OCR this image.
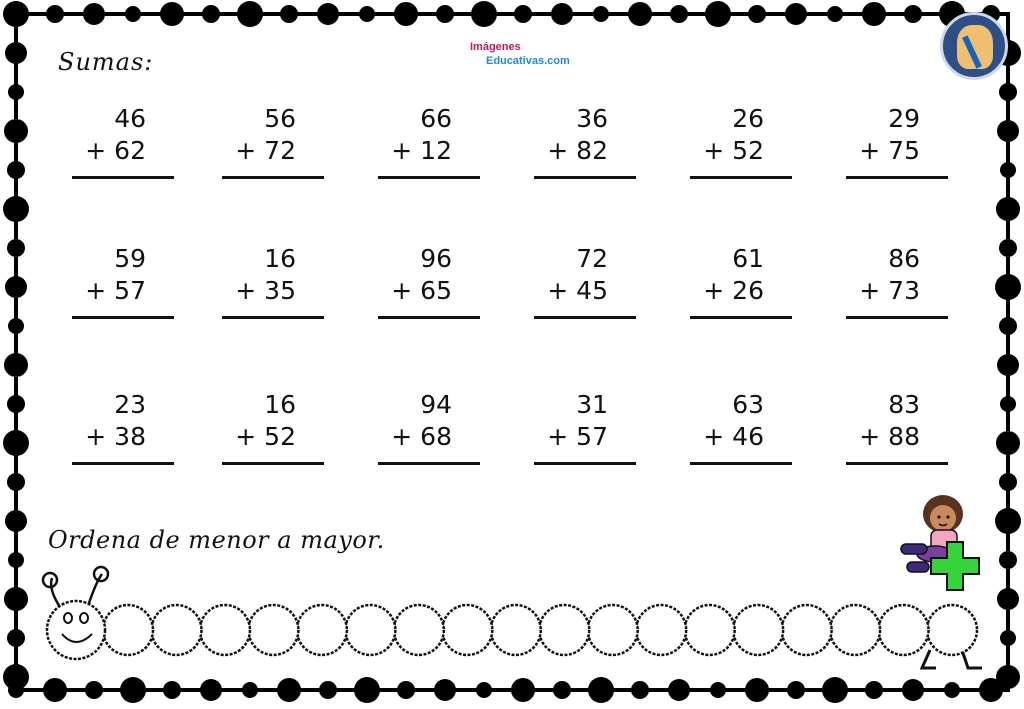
Sumas:
Imágenes
Educativas.com
46
+ 62
56
+ 72
66
+ 12
36
+ 82
26
+ 52
29
+ 75
59
+ 57
16
+ 35
96
+ 65
72
+ 45
61
+ 26
86
+ 73
23
+ 38
16
+ 52
94
+ 68
31
+ 57
63
+ 46
83
+ 88
Ordena de menor a mayor.
